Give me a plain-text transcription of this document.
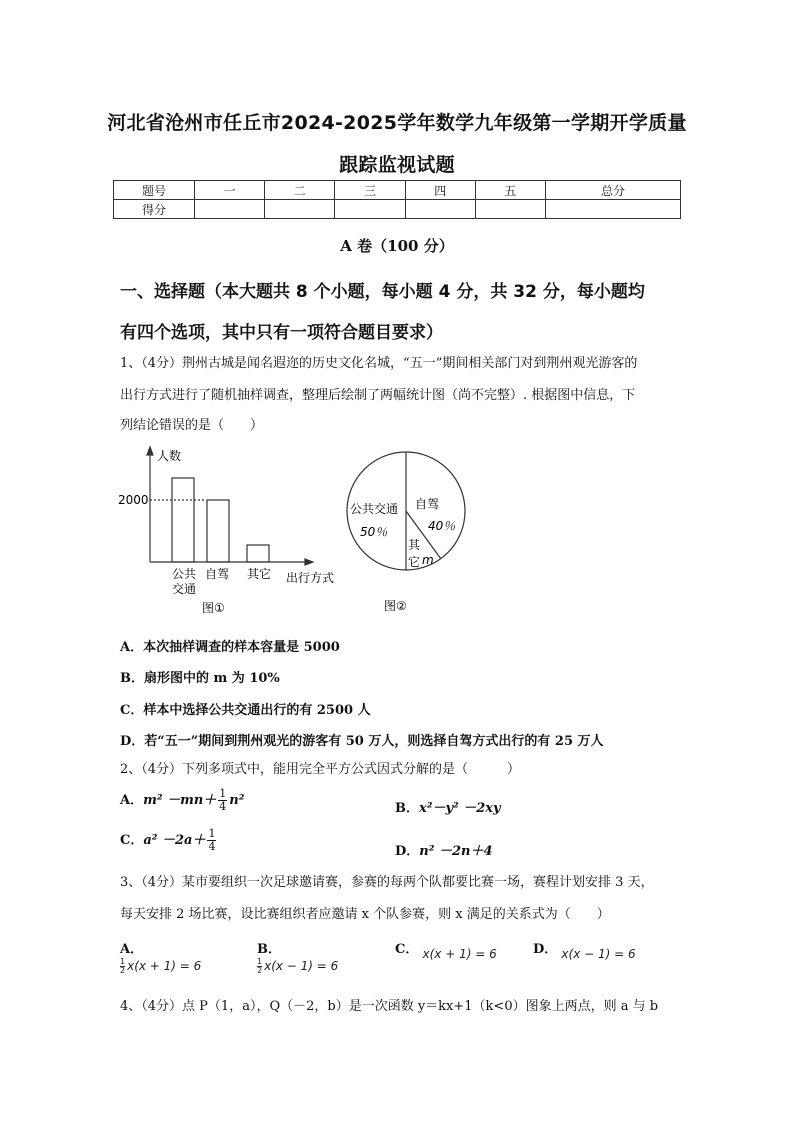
河北省沧州市任丘市2024-2025学年数学九年级第一学期开学质量
跟踪监视试题
题号	一	二	三	四	五	总分
得分						
A 卷（100 分）
一、选择题（本大题共 8 个小题，每小题 4 分，共 32 分，每小题均
有四个选项，其中只有一项符合题目要求）
1、（4分）荆州古城是闻名遐迩的历史文化名城，“五一”期间相关部门对到荆州观光游客的
出行方式进行了随机抽样调查，整理后绘制了两幅统计图（尚不完整）. 根据图中信息，下
列结论错误的是（　　）
人数
2000
公共
交通
自驾 其它 出行方式
图①
公共交通
50％
自驾
40％
其
它 m
图②
A．本次抽样调查的样本容量是 5000
B．扇形图中的 m 为 10%
C．样本中选择公共交通出行的有 2500 人
D．若“五一”期间到荆州观光的游客有 50 万人，则选择自驾方式出行的有 25 万人
2、（4分）下列多项式中，能用完全平方公式因式分解的是（　　　）
A．$m^2 -mn+ \frac{1}{4} n^2$
B．x²－y² －2xy
C．$a^2 -2a+ \frac{1}{4}$	D．n² －2n＋4
3、（4分）某市要组织一次足球邀请赛，参赛的每两个队都要比赛一场，赛程计划安排 3 天，
每天安排 2 场比赛，设比赛组织者应邀请 x 个队参赛，则 x 满足的关系式为（　　）
A．
$\frac{1}{2} x(x + 1) = 6$
B．
$\frac{1}{2} x(x - 1) = 6$
C． x(x + 1) = 6	D． x(x − 1) = 6
4、（4分）点 P（1，a），Q（－2，b）是一次函数 y＝kx+1（k<0）图象上两点，则 a 与 b
